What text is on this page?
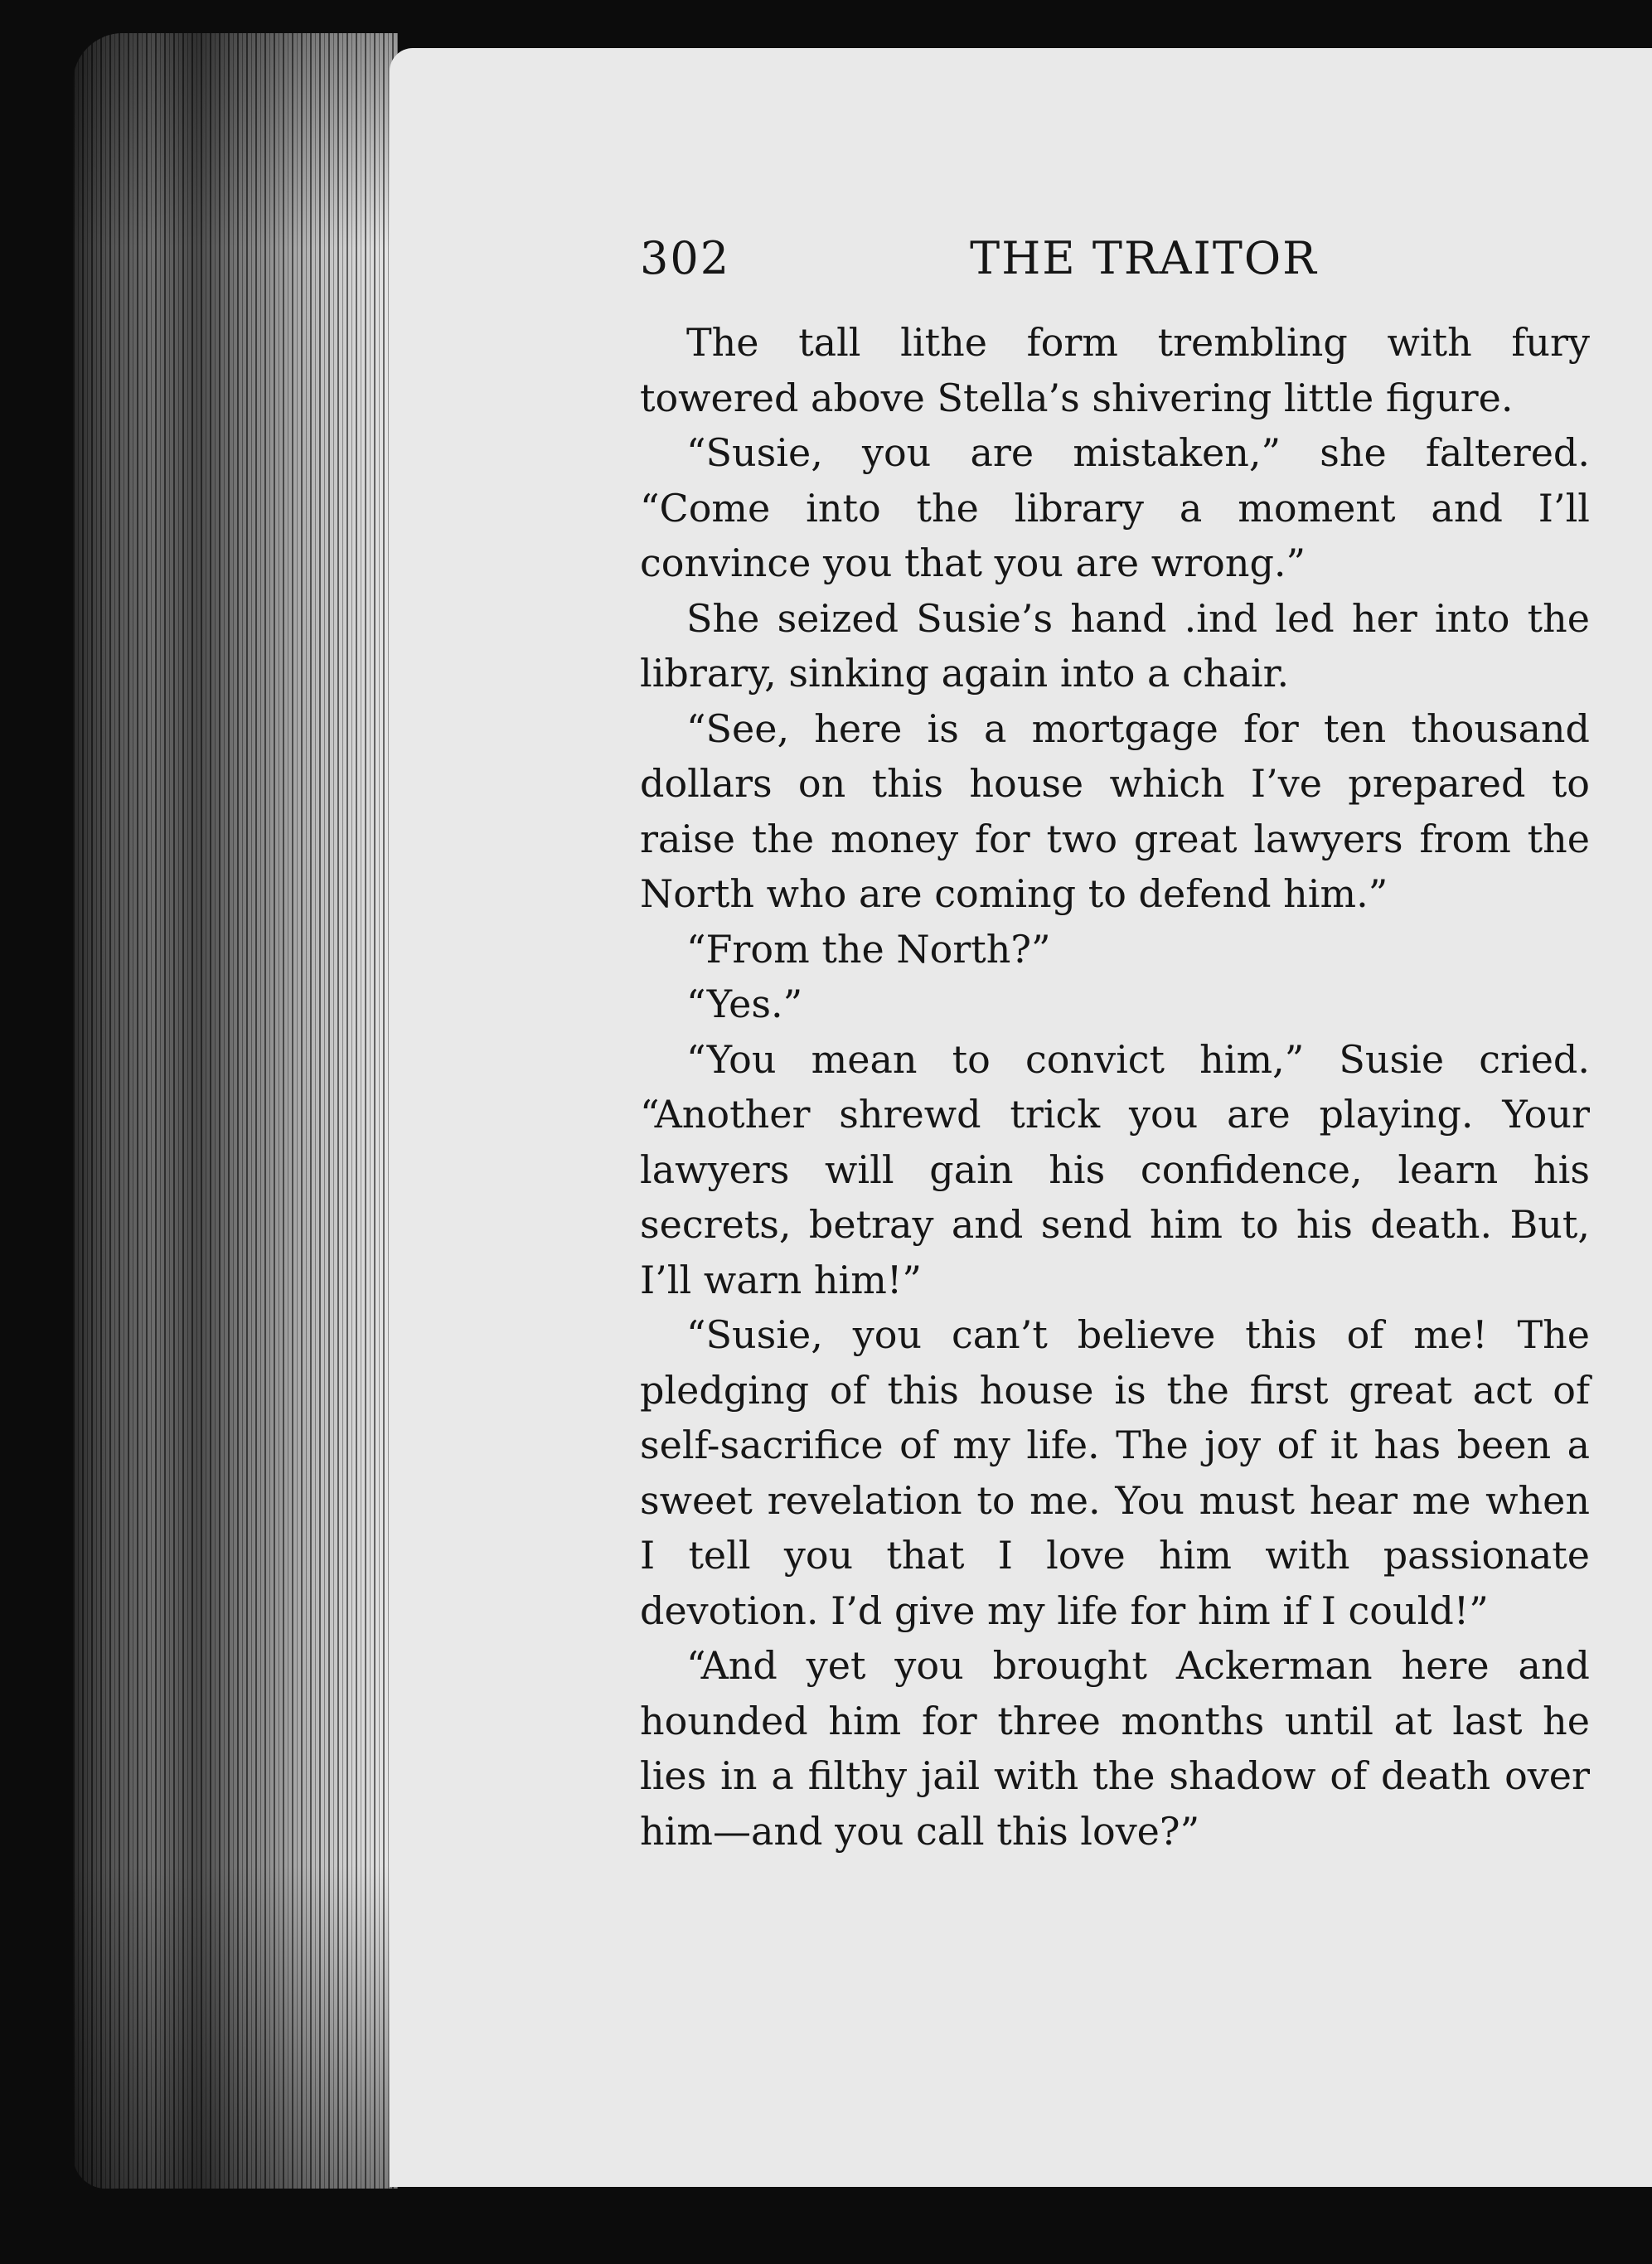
302	THE TRAITOR

The tall lithe form trembling with fury towered above Stella’s shivering little figure.

“Susie, you are mistaken,” she faltered. “Come into the library a moment and I’ll convince you that you are wrong.”

She seized Susie’s hand .ind led her into the library, sinking again into a chair.

“See, here is a mortgage for ten thousand dollars on this house which I’ve prepared to raise the money for two great lawyers from the North who are coming to defend him.”

“From the North?”

“Yes.”

“You mean to convict him,” Susie cried. “Another shrewd trick you are playing. Your lawyers will gain his confidence, learn his secrets, betray and send him to his death. But, I’ll warn him!”

“Susie, you can’t believe this of me! The pledging of this house is the first great act of self-sacrifice of my life. The joy of it has been a sweet revelation to me. You must hear me when I tell you that I love him with passionate devotion. I’d give my life for him if I could!”

“And yet you brought Ackerman here and hounded him for three months until at last he lies in a filthy jail with the shadow of death over him—and you call this love?”
